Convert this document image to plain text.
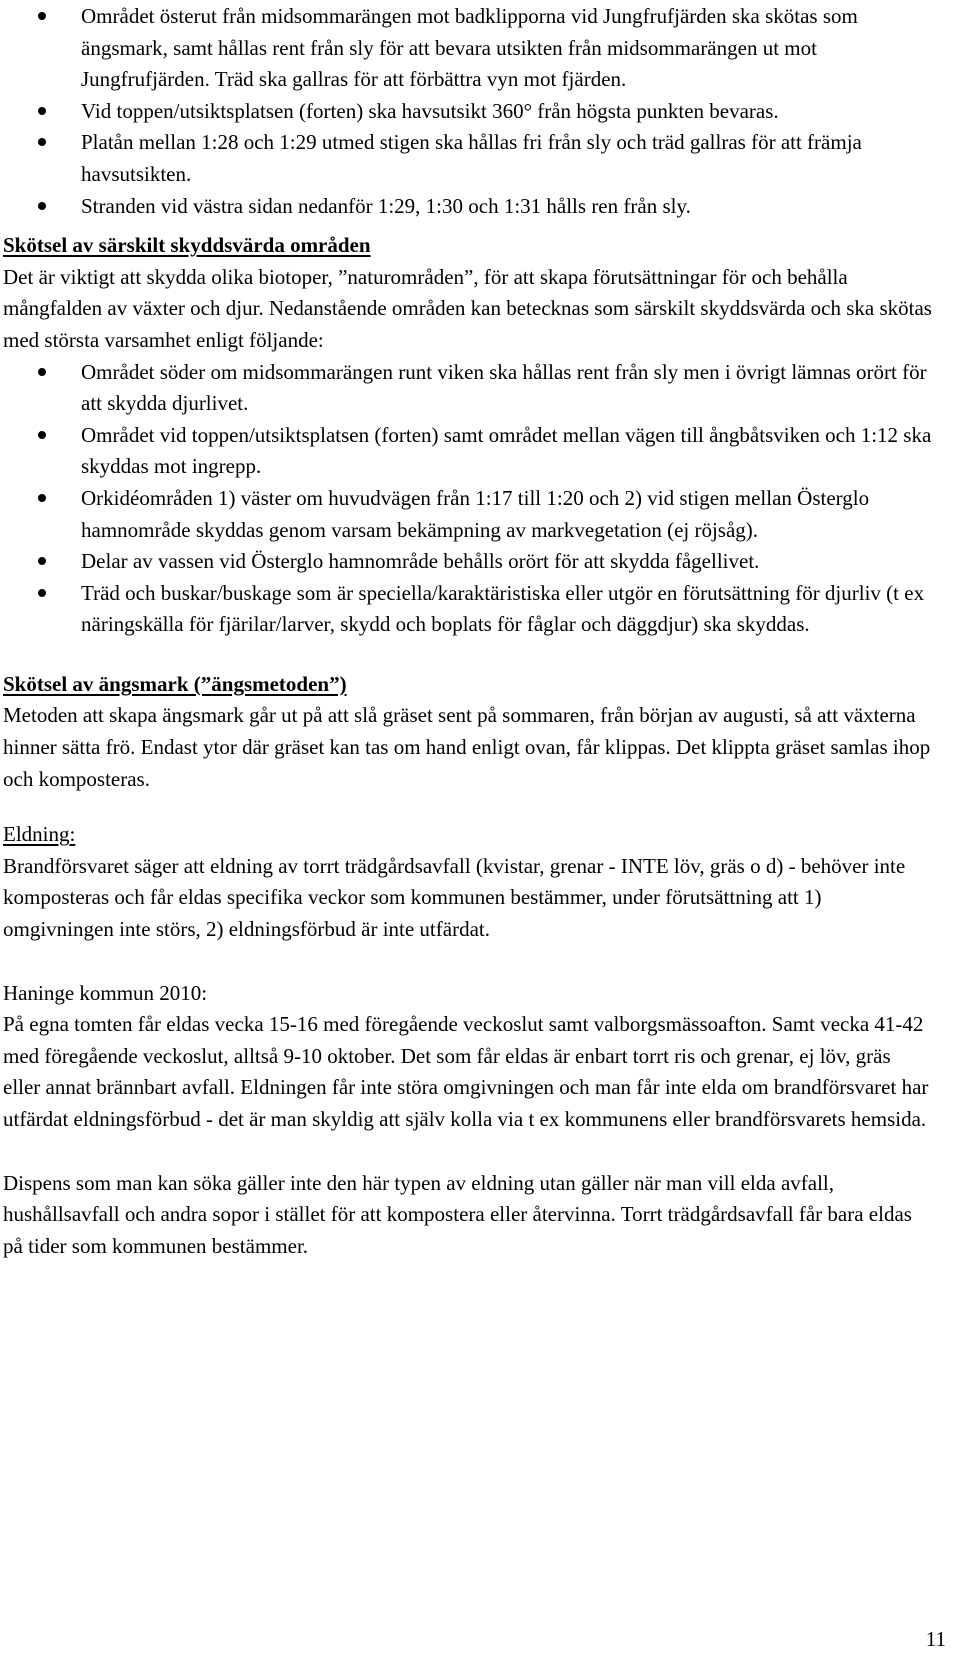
Området österut från midsommarängen mot badklipporna vid Jungfrufjärden ska skötas som ängsmark, samt hållas rent från sly för att bevara utsikten från midsommarängen ut mot Jungfrufjärden. Träd ska gallras för att förbättra vyn mot fjärden.
Vid toppen/utsiktsplatsen (forten) ska havsutsikt 360° från högsta punkten bevaras.
Platån mellan 1:28 och 1:29 utmed stigen ska hållas fri från sly och träd gallras för att främja havsutsikten.
Stranden vid västra sidan nedanför 1:29, 1:30 och 1:31 hålls ren från sly.

Skötsel av särskilt skyddsvärda områden

Det är viktigt att skydda olika biotoper, ”naturområden”, för att skapa förutsättningar för och behålla mångfalden av växter och djur. Nedanstående områden kan betecknas som särskilt skyddsvärda och ska skötas med största varsamhet enligt följande:

Området söder om midsommarängen runt viken ska hållas rent från sly men i övrigt lämnas orört för att skydda djurlivet.
Området vid toppen/utsiktsplatsen (forten) samt området mellan vägen till ångbåtsviken och 1:12 ska skyddas mot ingrepp.
Orkidéområden 1) väster om huvudvägen från 1:17 till 1:20 och 2) vid stigen mellan Österglo hamnområde skyddas genom varsam bekämpning av markvegetation (ej röjsåg).
Delar av vassen vid Österglo hamnområde behålls orört för att skydda fågellivet.
Träd och buskar/buskage som är speciella/karaktäristiska eller utgör en förutsättning för djurliv (t ex näringskälla för fjärilar/larver, skydd och boplats för fåglar och däggdjur) ska skyddas.

Skötsel av ängsmark (”ängsmetoden”)

Metoden att skapa ängsmark går ut på att slå gräset sent på sommaren, från början av augusti, så att växterna hinner sätta frö. Endast ytor där gräset kan tas om hand enligt ovan, får klippas. Det klippta gräset samlas ihop och komposteras.

Eldning:

Brandförsvaret säger att eldning av torrt trädgårdsavfall (kvistar, grenar - INTE löv, gräs o d) - behöver inte komposteras och får eldas specifika veckor som kommunen bestämmer, under förutsättning att 1) omgivningen inte störs, 2) eldningsförbud är inte utfärdat.

Haninge kommun 2010:

På egna tomten får eldas vecka 15-16 med föregående veckoslut samt valborgsmässoafton. Samt vecka 41-42 med föregående veckoslut, alltså 9-10 oktober. Det som får eldas är enbart torrt ris och grenar, ej löv, gräs eller annat brännbart avfall. Eldningen får inte störa omgivningen och man får inte elda om brandförsvaret har utfärdat eldningsförbud - det är man skyldig att själv kolla via t ex kommunens eller brandförsvarets hemsida.

Dispens som man kan söka gäller inte den här typen av eldning utan gäller när man vill elda avfall, hushållsavfall och andra sopor i stället för att kompostera eller återvinna. Torrt trädgårdsavfall får bara eldas på tider som kommunen bestämmer.

11
